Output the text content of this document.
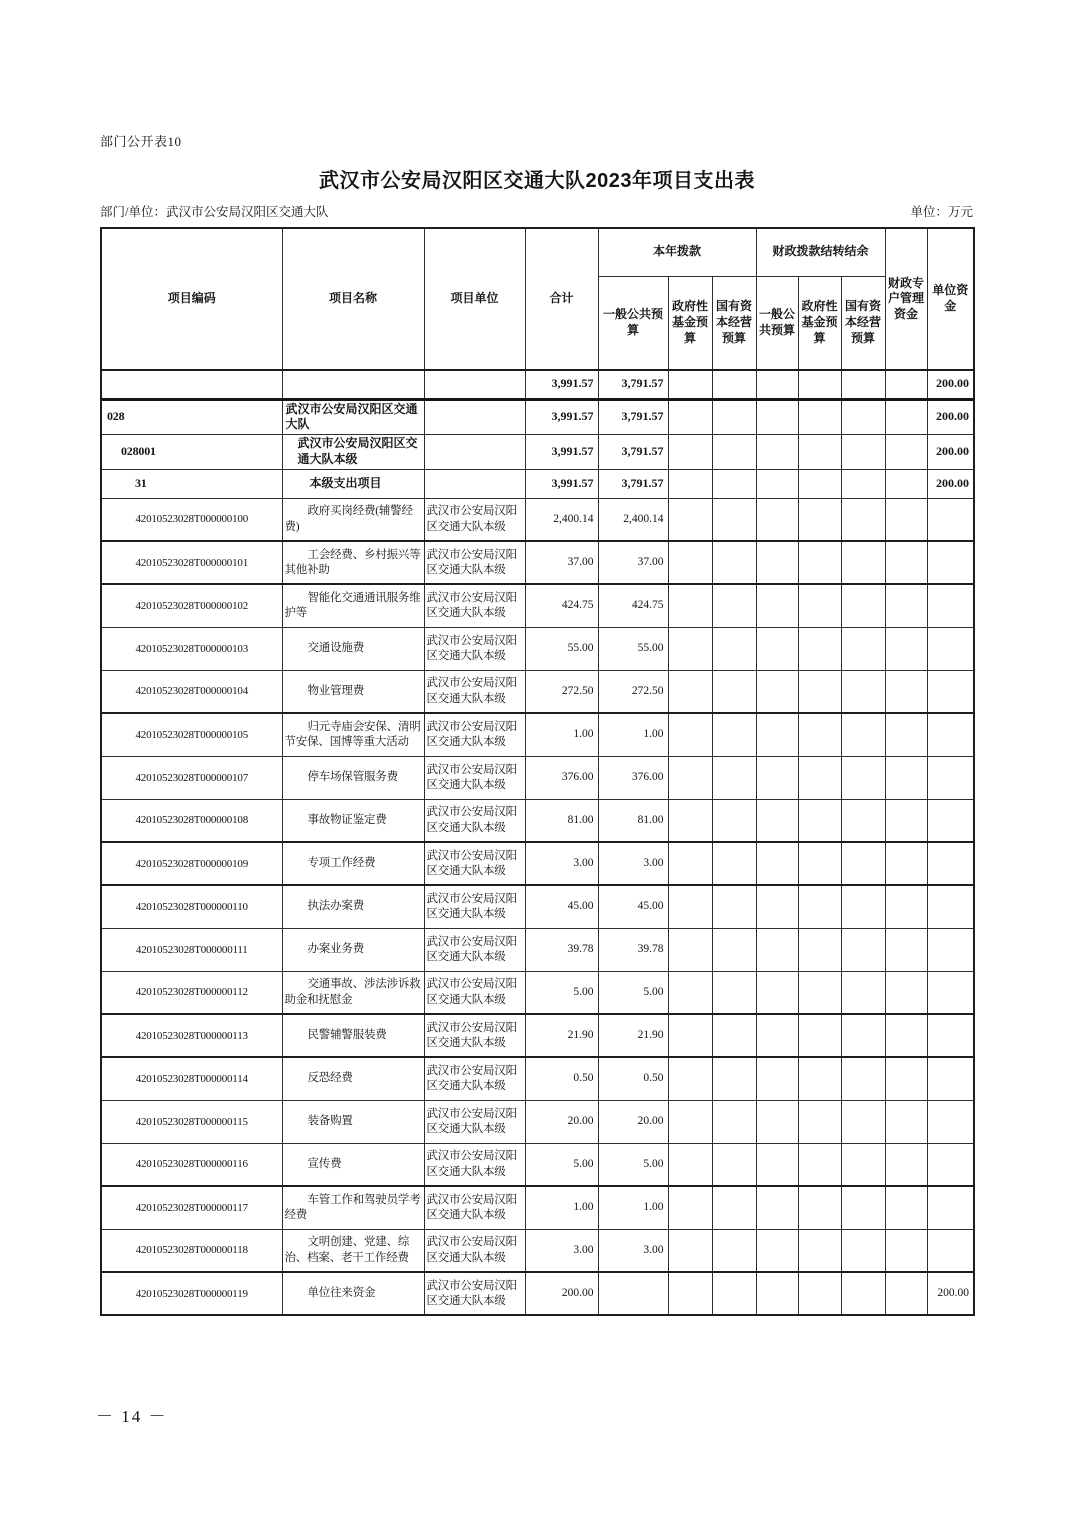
部门公开表10
武汉市公安局汉阳区交通大队2023年项目支出表
部门/单位：武汉市公安局汉阳区交通大队	单位：万元
项目编码	项目名称	项目单位	合计	本年拨款			财政拨款结转结余			财政专户管理资金	单位资金
				一般公共预算	政府性基金预算	国有资本经营预算	一般公共预算	政府性基金预算	国有资本经营预算		
			3,991.57	3,791.57							200.00
028	武汉市公安局汉阳区交通大队		3,991.57	3,791.57							200.00
028001	武汉市公安局汉阳区交通大队本级		3,991.57	3,791.57							200.00
31	本级支出项目		3,991.57	3,791.57							200.00
42010523028T000000100	政府买岗经费(辅警经费)	武汉市公安局汉阳区交通大队本级	2,400.14	2,400.14							
42010523028T000000101	工会经费、乡村振兴等其他补助	武汉市公安局汉阳区交通大队本级	37.00	37.00							
42010523028T000000102	智能化交通通讯服务维护等	武汉市公安局汉阳区交通大队本级	424.75	424.75							
42010523028T000000103	交通设施费	武汉市公安局汉阳区交通大队本级	55.00	55.00							
42010523028T000000104	物业管理费	武汉市公安局汉阳区交通大队本级	272.50	272.50							
42010523028T000000105	归元寺庙会安保、清明节安保、国博等重大活动	武汉市公安局汉阳区交通大队本级	1.00	1.00							
42010523028T000000107	停车场保管服务费	武汉市公安局汉阳区交通大队本级	376.00	376.00							
42010523028T000000108	事故物证鉴定费	武汉市公安局汉阳区交通大队本级	81.00	81.00							
42010523028T000000109	专项工作经费	武汉市公安局汉阳区交通大队本级	3.00	3.00							
42010523028T000000110	执法办案费	武汉市公安局汉阳区交通大队本级	45.00	45.00							
42010523028T000000111	办案业务费	武汉市公安局汉阳区交通大队本级	39.78	39.78							
42010523028T000000112	交通事故、涉法涉诉救助金和抚慰金	武汉市公安局汉阳区交通大队本级	5.00	5.00							
42010523028T000000113	民警辅警服装费	武汉市公安局汉阳区交通大队本级	21.90	21.90							
42010523028T000000114	反恐经费	武汉市公安局汉阳区交通大队本级	0.50	0.50							
42010523028T000000115	装备购置	武汉市公安局汉阳区交通大队本级	20.00	20.00							
42010523028T000000116	宣传费	武汉市公安局汉阳区交通大队本级	5.00	5.00							
42010523028T000000117	车管工作和驾驶员学考经费	武汉市公安局汉阳区交通大队本级	1.00	1.00							
42010523028T000000118	文明创建、党建、综治、档案、老干工作经费	武汉市公安局汉阳区交通大队本级	3.00	3.00							
42010523028T000000119	单位往来资金	武汉市公安局汉阳区交通大队本级	200.00								200.00
－ 14 －
